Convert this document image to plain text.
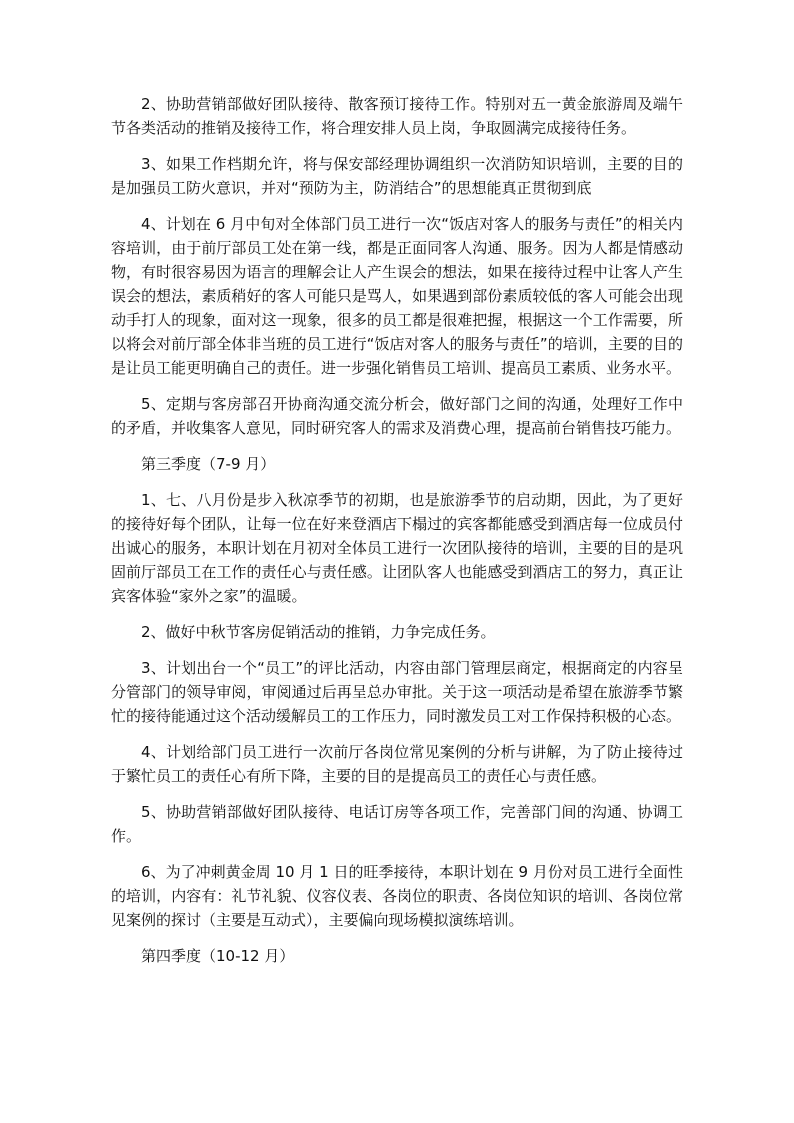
2、协助营销部做好团队接待、散客预订接待工作。特别对五一黄金旅游周及端午节各类活动的推销及接待工作，将合理安排人员上岗，争取圆满完成接待任务。

3、如果工作档期允许，将与保安部经理协调组织一次消防知识培训，主要的目的是加强员工防火意识，并对“预防为主，防消结合”的思想能真正贯彻到底

4、计划在 6 月中旬对全体部门员工进行一次“饭店对客人的服务与责任”的相关内容培训，由于前厅部员工处在第一线，都是正面同客人沟通、服务。因为人都是情感动物，有时很容易因为语言的理解会让人产生误会的想法，如果在接待过程中让客人产生误会的想法，素质稍好的客人可能只是骂人，如果遇到部份素质较低的客人可能会出现动手打人的现象，面对这一现象，很多的员工都是很难把握，根据这一个工作需要，所以将会对前厅部全体非当班的员工进行“饭店对客人的服务与责任”的培训，主要的目的是让员工能更明确自己的责任。进一步强化销售员工培训、提高员工素质、业务水平。

5、定期与客房部召开协商沟通交流分析会，做好部门之间的沟通，处理好工作中的矛盾，并收集客人意见，同时研究客人的需求及消费心理，提高前台销售技巧能力。

第三季度（7-9 月）

1、七、八月份是步入秋凉季节的初期，也是旅游季节的启动期，因此，为了更好的接待好每个团队，让每一位在好来登酒店下榻过的宾客都能感受到酒店每一位成员付出诚心的服务，本职计划在月初对全体员工进行一次团队接待的培训，主要的目的是巩固前厅部员工在工作的责任心与责任感。让团队客人也能感受到酒店工的努力，真正让宾客体验“家外之家”的温暖。

2、做好中秋节客房促销活动的推销，力争完成任务。

3、计划出台一个“员工”的评比活动，内容由部门管理层商定，根据商定的内容呈分管部门的领导审阅，审阅通过后再呈总办审批。关于这一项活动是希望在旅游季节繁忙的接待能通过这个活动缓解员工的工作压力，同时激发员工对工作保持积极的心态。

4、计划给部门员工进行一次前厅各岗位常见案例的分析与讲解，为了防止接待过于繁忙员工的责任心有所下降，主要的目的是提高员工的责任心与责任感。

5、协助营销部做好团队接待、电话订房等各项工作，完善部门间的沟通、协调工作。

6、为了冲刺黄金周 10 月 1 日的旺季接待，本职计划在 9 月份对员工进行全面性的培训，内容有：礼节礼貌、仪容仪表、各岗位的职责、各岗位知识的培训、各岗位常见案例的探讨（主要是互动式），主要偏向现场模拟演练培训。

第四季度（10-12 月）
